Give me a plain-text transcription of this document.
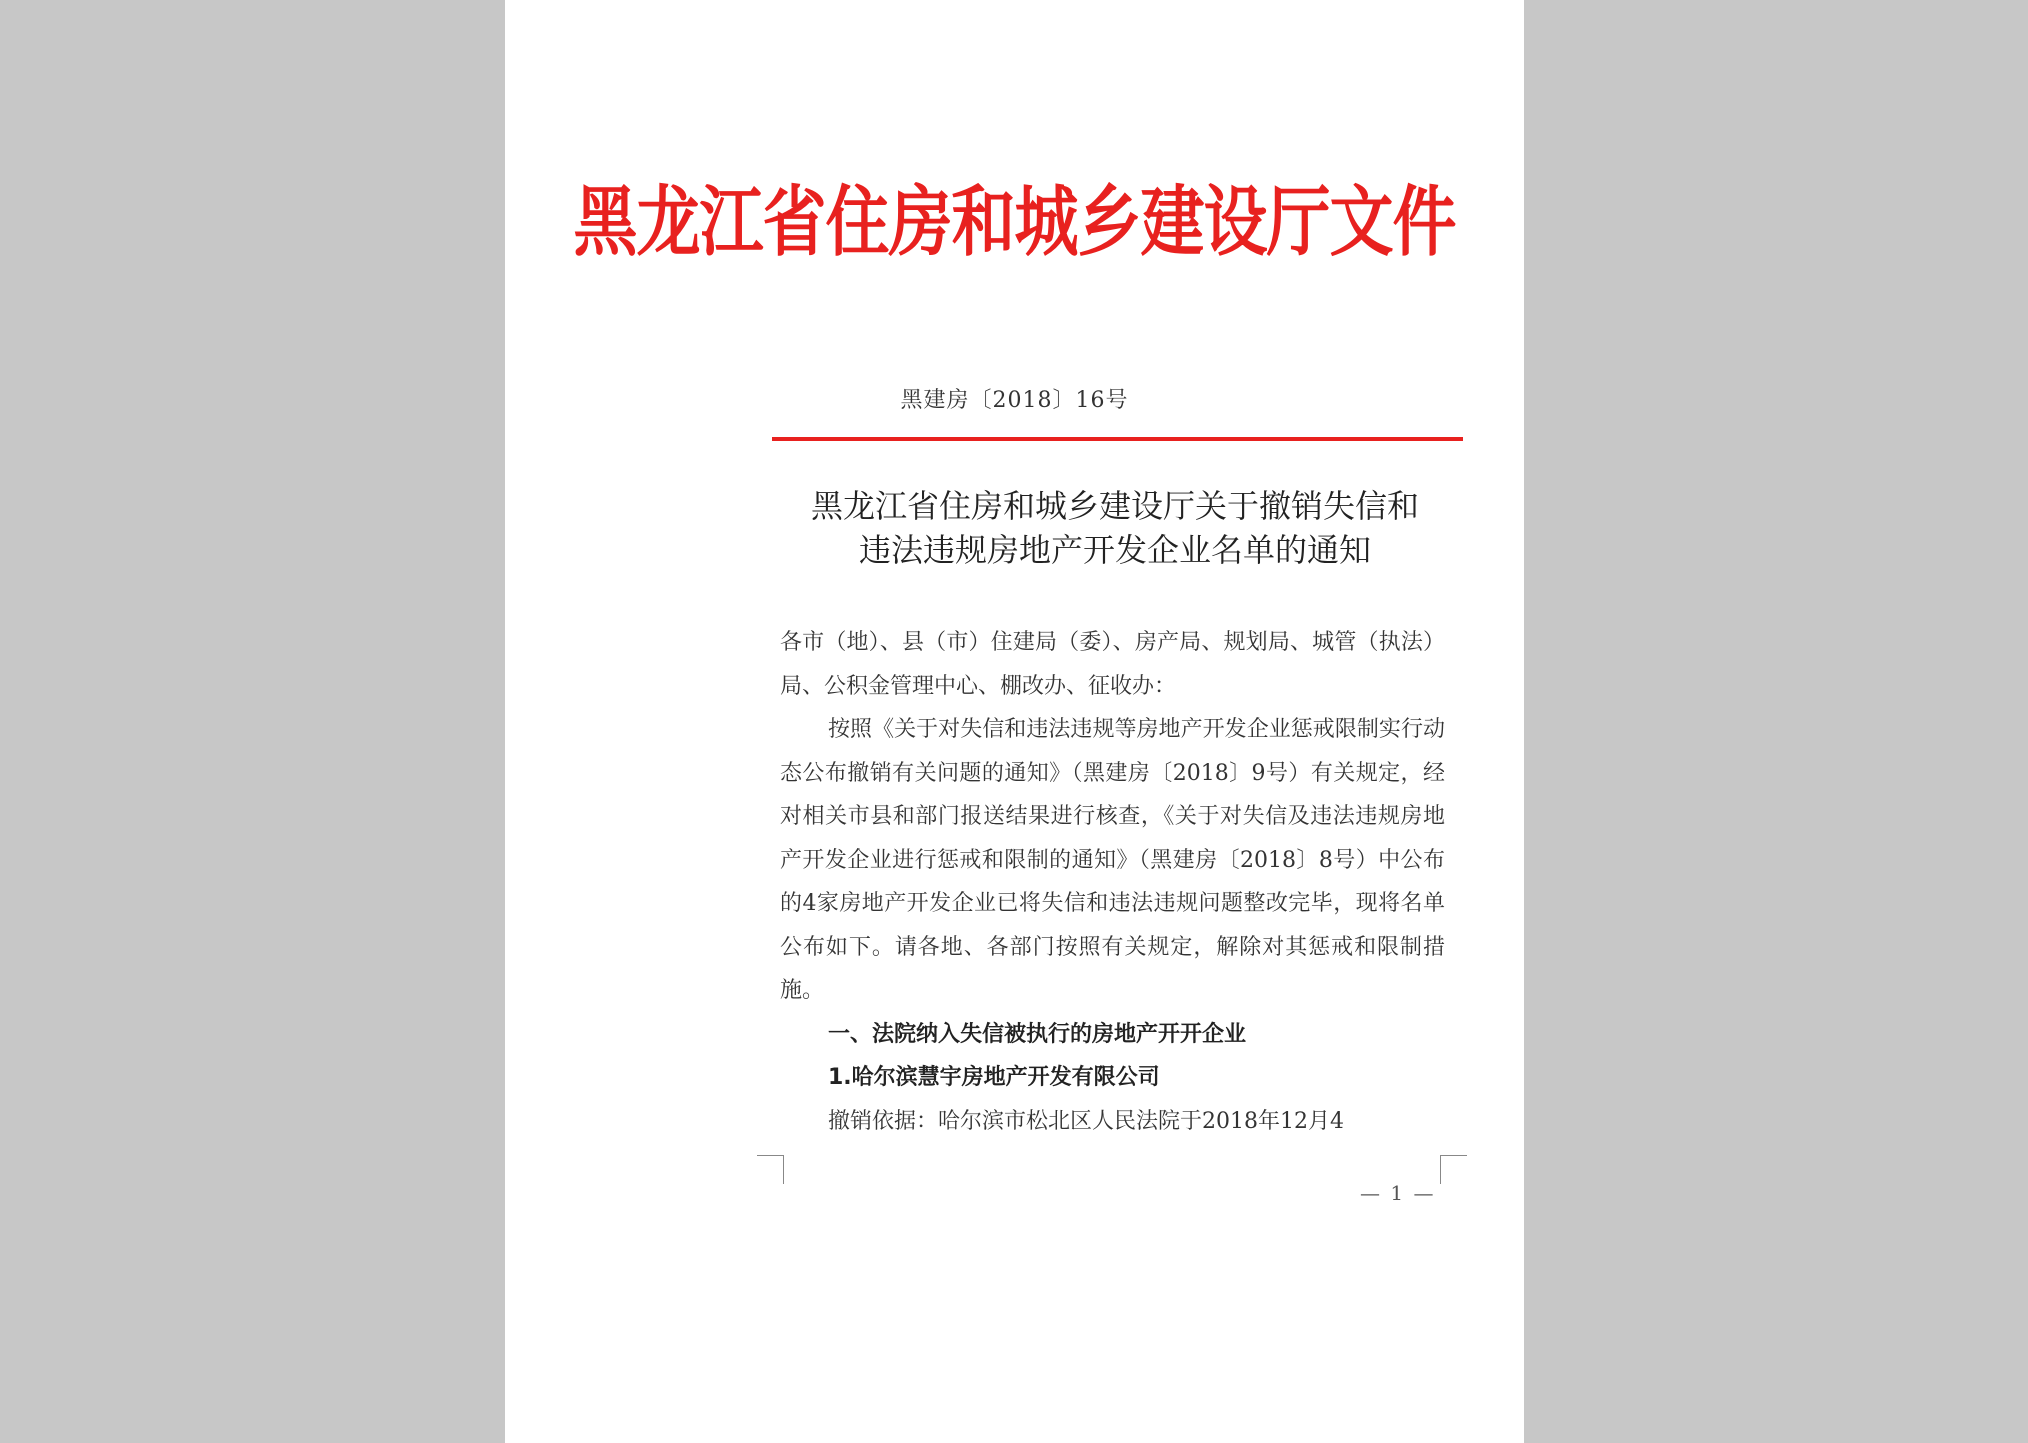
黑龙江省住房和城乡建设厅文件
黑建房〔2018〕16号
黑龙江省住房和城乡建设厅关于撤销失信和
违法违规房地产开发企业名单的通知

各市（地）、县（市）住建局（委）、房产局、规划局、城管（执法）局、公积金管理中心、棚改办、征收办：

按照《关于对失信和违法违规等房地产开发企业惩戒限制实行动态公布撤销有关问题的通知》（黑建房〔2018〕9号）有关规定，经对相关市县和部门报送结果进行核查，《关于对失信及违法违规房地产开发企业进行惩戒和限制的通知》（黑建房〔2018〕8号）中公布的4家房地产开发企业已将失信和违法违规问题整改完毕，现将名单公布如下。请各地、各部门按照有关规定，解除对其惩戒和限制措施。

一、法院纳入失信被执行的房地产开开企业

1.哈尔滨慧宇房地产开发有限公司

撤销依据：哈尔滨市松北区人民法院于2018年12月4

— 1 —
